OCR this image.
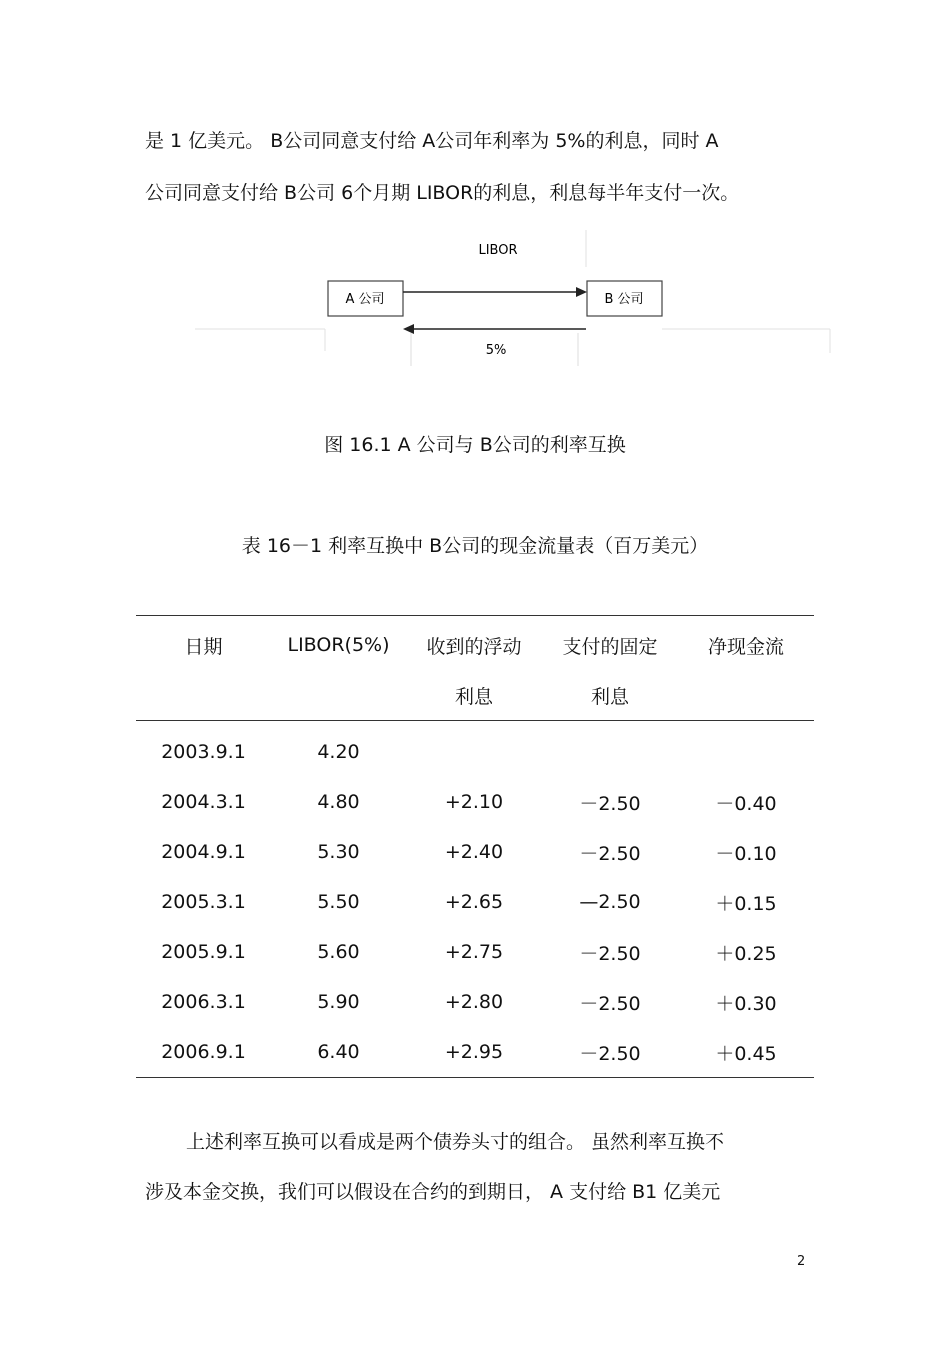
是 1 亿美元。 B公司同意支付给 A公司年利率为 5%的利息，同时 A
公司同意支付给 B公司 6个月期 LIBOR的利息，利息每半年支付一次。
A 公司	B 公司
LIBOR
5%
图 16.1 A 公司与 B公司的利率互换
表 16－1 利率互换中 B公司的现金流量表（百万美元）
日期	LIBOR(5%)	收到的浮动	支付的固定	净现金流
		利息	利息	
2003.9.1	4.20			
2004.3.1	4.80	+2.10	－2.50	－0.40
2004.9.1	5.30	+2.40	－2.50	－0.10
2005.3.1	5.50	+2.65	—2.50	＋0.15
2005.9.1	5.60	+2.75	－2.50	＋0.25
2006.3.1	5.90	+2.80	－2.50	＋0.30
2006.9.1	6.40	+2.95	－2.50	＋0.45
上述利率互换可以看成是两个债券头寸的组合。 虽然利率互换不
涉及本金交换，我们可以假设在合约的到期日， A 支付给 B1 亿美元
2
